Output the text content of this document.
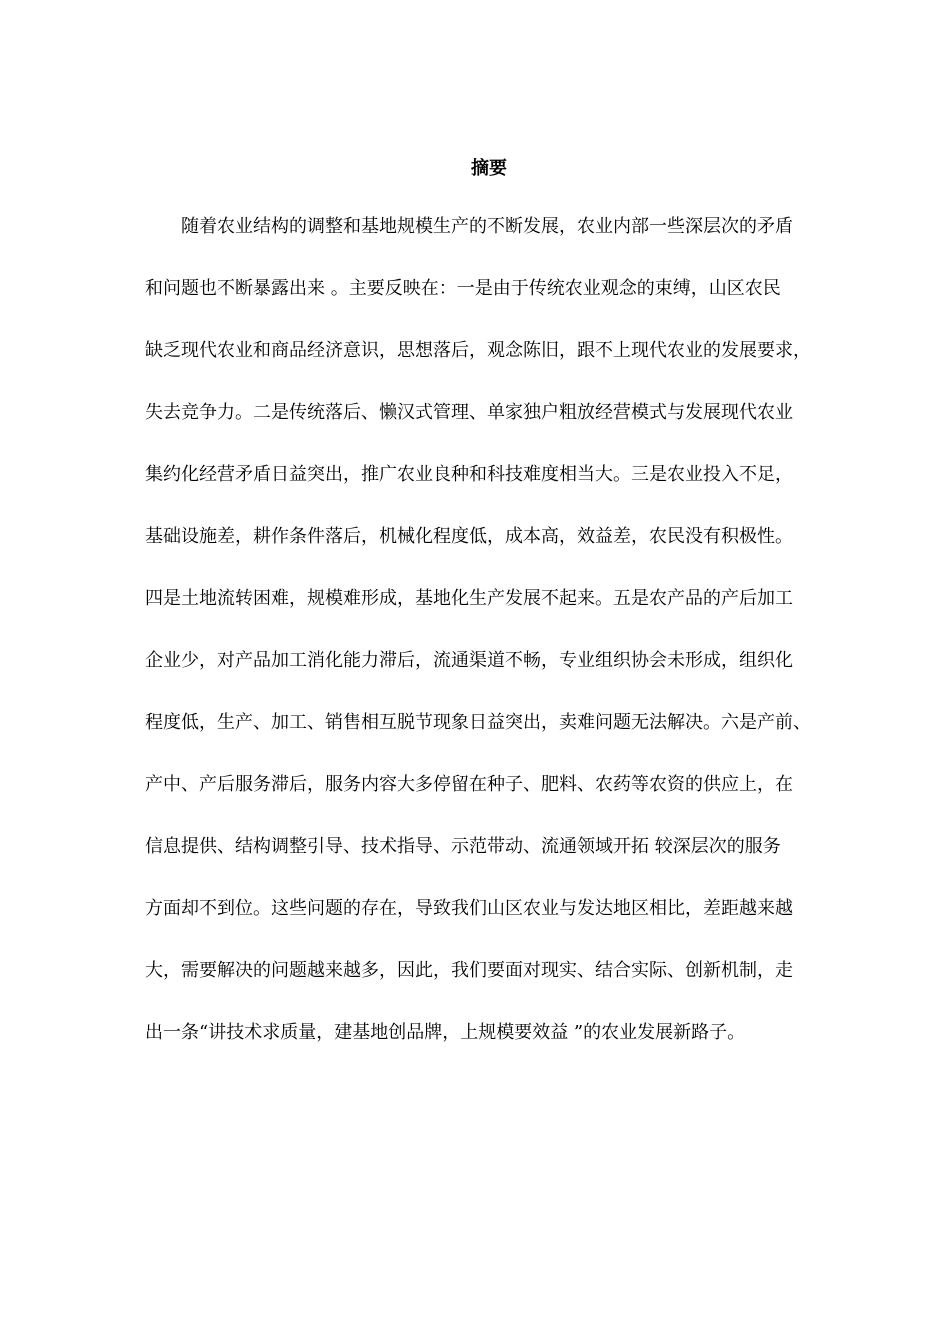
摘要
随着农业结构的调整和基地规模生产的不断发展，农业内部一些深层次的矛盾
和问题也不断暴露出来 。主要反映在：一是由于传统农业观念的束缚，山区农民
缺乏现代农业和商品经济意识，思想落后，观念陈旧，跟不上现代农业的发展要求，
失去竞争力。二是传统落后、懒汉式管理、单家独户粗放经营模式与发展现代农业
集约化经营矛盾日益突出，推广农业良种和科技难度相当大。三是农业投入不足，
基础设施差，耕作条件落后，机械化程度低，成本高，效益差，农民没有积极性。
四是土地流转困难，规模难形成，基地化生产发展不起来。五是农产品的产后加工
企业少，对产品加工消化能力滞后，流通渠道不畅，专业组织协会未形成，组织化
程度低，生产、加工、销售相互脱节现象日益突出，卖难问题无法解决。六是产前、
产中、产后服务滞后，服务内容大多停留在种子、肥料、农药等农资的供应上，在
信息提供、结构调整引导、技术指导、示范带动、流通领域开拓 较深层次的服务
方面却不到位。这些问题的存在，导致我们山区农业与发达地区相比，差距越来越
大，需要解决的问题越来越多，因此，我们要面对现实、结合实际、创新机制，走
出一条“讲技术求质量，建基地创品牌，上规模要效益 ”的农业发展新路子。
